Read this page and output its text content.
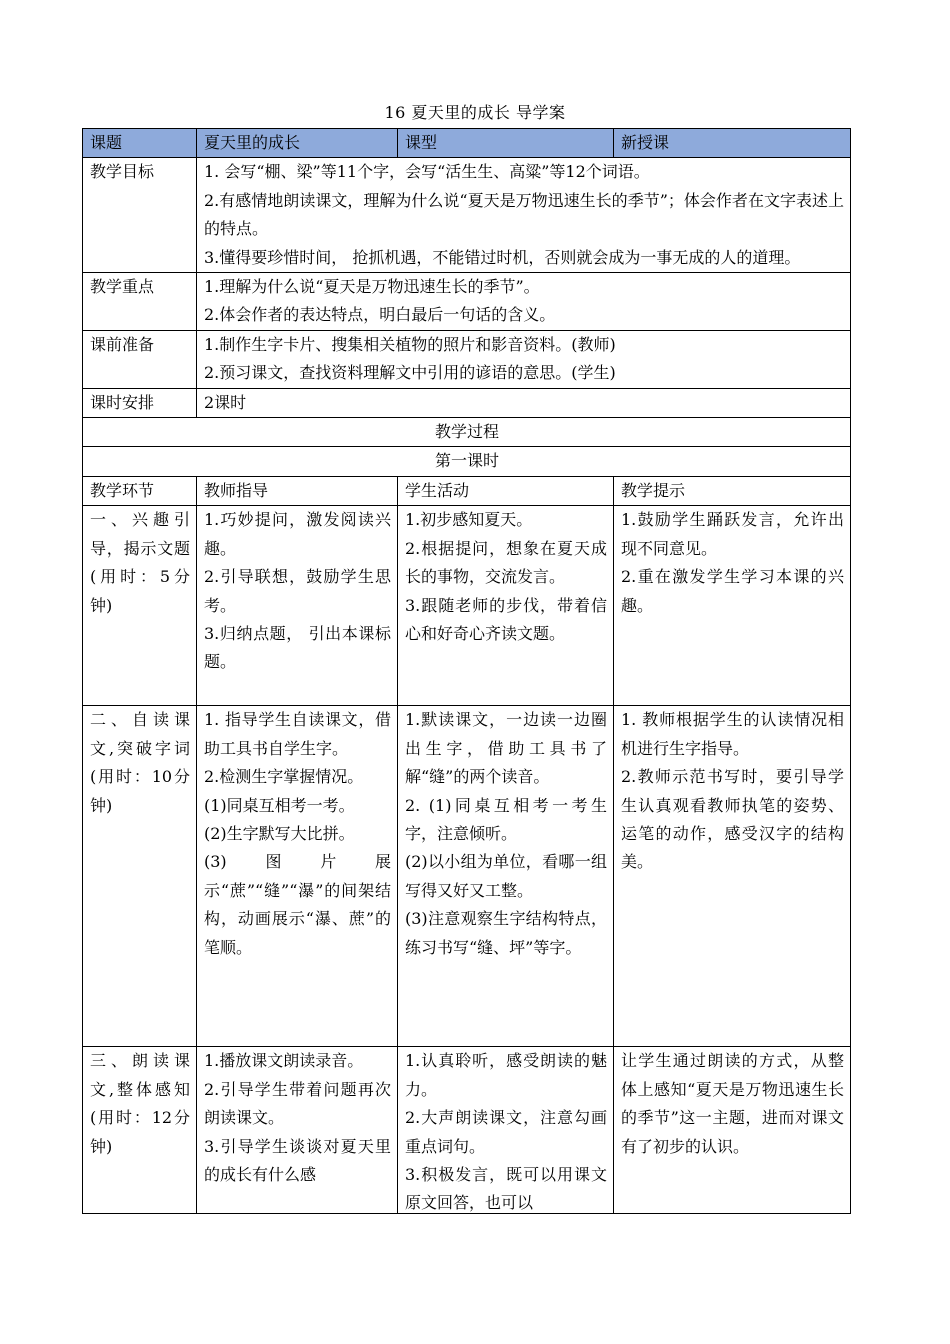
16 夏天里的成长 导学案
课题	夏天里的成长	课型	新授课
教学目标	1. 会写“棚、梁”等11个字，会写“活生生、高粱”等12个词语。
2.有感情地朗读课文，理解为什么说“夏天是万物迅速生长的季节”；体会作者在文字表述上的特点。
3.懂得要珍惜时间， 抢抓机遇，不能错过时机，否则就会成为一事无成的人的道理。		

教学重点	1.理解为什么说“夏天是万物迅速生长的季节”。
2.体会作者的表达特点，明白最后一句话的含义。		

课前准备	1.制作生字卡片、搜集相关植物的照片和影音资料。(教师)
2.预习课文，查找资料理解文中引用的谚语的意思。(学生)		

课时安排	2课时		

教学过程			
第一课时			
教学环节	教师指导	学生活动	教学提示
一、兴趣引导，揭示文题(用时：5分钟)	1.巧妙提问，激发阅读兴趣。
2.引导联想，鼓励学生思考。
3.归纳点题， 引出本课标题。	1.初步感知夏天。
2.根据提问，想象在夏天成长的事物，交流发言。
3.跟随老师的步伐，带着信心和好奇心齐读文题。	1.鼓励学生踊跃发言，允许出现不同意见。
2.重在激发学生学习本课的兴趣。

二、自读课文,突破字词(用时：10分钟)	1. 指导学生自读课文，借助工具书自学生字。
2.检测生字掌握情况。
(1)同桌互相考一考。
(2)生字默写大比拼。
(3)图片展示“蔗”“缝”“瀑”的间架结构，动画展示“瀑、蔗”的笔顺。	1.默读课文，一边读一边圈出生字，借助工具书了解“缝”的两个读音。
2. (1)同桌互相考一考生字，注意倾听。
(2)以小组为单位，看哪一组写得又好又工整。
(3)注意观察生字结构特点，练习书写“缝、坪”等字。	1. 教师根据学生的认读情况相机进行生字指导。
2.教师示范书写时，要引导学生认真观看教师执笔的姿势、运笔的动作，感受汉字的结构美。

三、朗读课文,整体感知(用时：12分钟)	1.播放课文朗读录音。
2.引导学生带着问题再次朗读课文。
3.引导学生谈谈对夏天里的成长有什么感	1.认真聆听，感受朗读的魅力。
2.大声朗读课文，注意勾画重点词句。
3.积极发言，既可以用课文原文回答，也可以	让学生通过朗读的方式，从整体上感知“夏天是万物迅速生长的季节”这一主题，进而对课文有了初步的认识。
